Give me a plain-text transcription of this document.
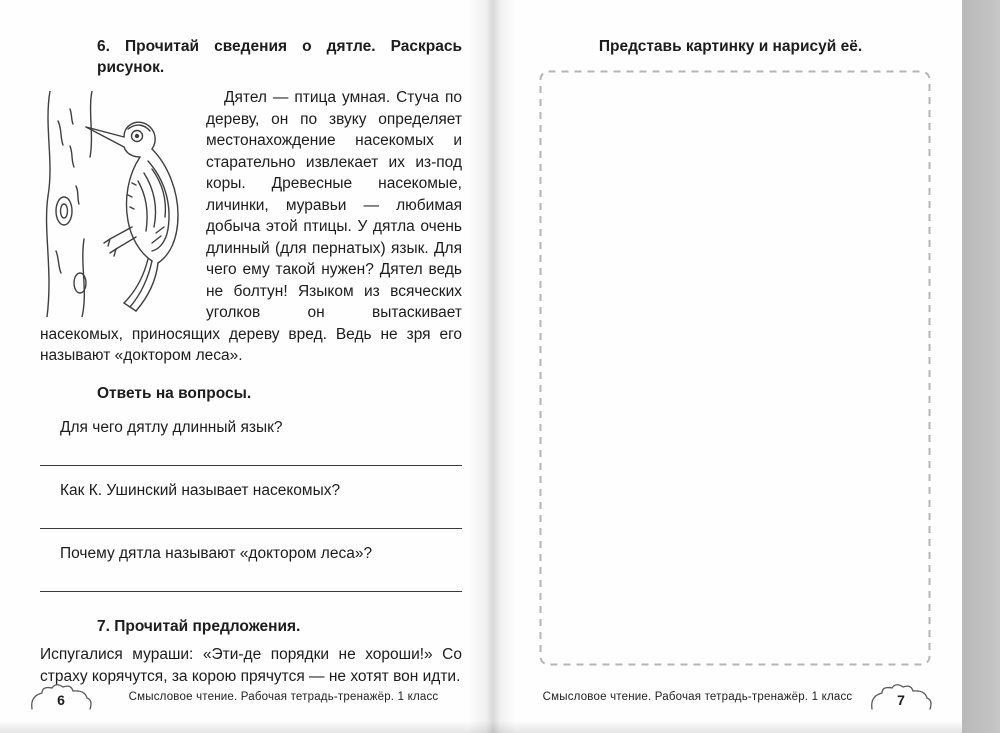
6. Прочитай сведения о дятле. Раскрась рисунок.

Дятел — птица умная. Стуча по дереву, он по звуку определяет местонахождение насекомых и старательно извлекает их из-под коры. Древесные насекомые, личинки, муравьи — любимая добыча этой птицы. У дятла очень длинный (для пернатых) язык. Для чего ему такой нужен? Дятел ведь не болтун! Языком из всяческих уголков он вытаскивает насекомых, приносящих дереву вред. Ведь не зря его называют «доктором леса».

Ответь на вопросы.

Для чего дятлу длинный язык?

Как К. Ушинский называет насекомых?

Почему дятла называют «доктором леса»?

7. Прочитай предложения.

Испугалися мураши: «Эти-де порядки не хороши!» Со страху корячутся, за корою прячутся — не хотят вон идти.

6	Смысловое чтение. Рабочая тетрадь-тренажёр. 1 класс

Представь картинку и нарисуй её.

Смысловое чтение. Рабочая тетрадь-тренажёр. 1 класс	7
